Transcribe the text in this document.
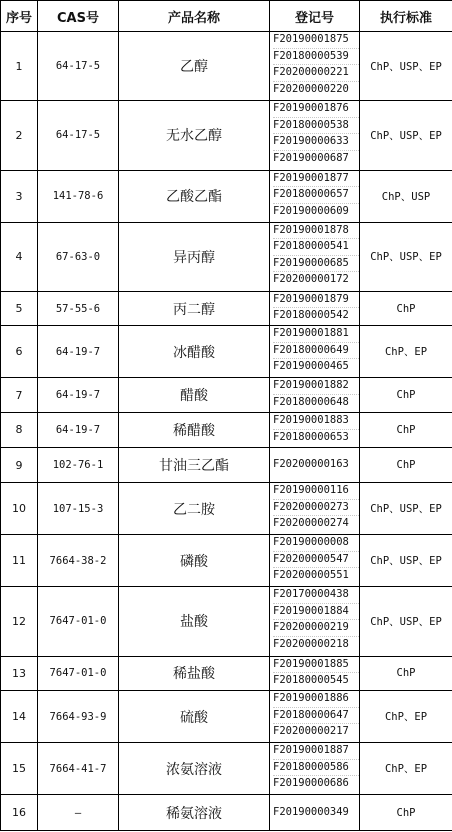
序号	CAS号	产品名称	登记号	执行标准
1	64-17-5	乙醇	F20190001875
F20180000539
F20200000221
F20200000220	ChP、USP、EP
2	64-17-5	无水乙醇	F20190001876
F20180000538
F20190000633
F20190000687	ChP、USP、EP
3	141-78-6	乙酸乙酯	F20190001877
F20180000657
F20190000609	ChP、USP
4	67-63-0	异丙醇	F20190001878
F20180000541
F20190000685
F20200000172	ChP、USP、EP
5	57-55-6	丙二醇	F20190001879
F20180000542	ChP
6	64-19-7	冰醋酸	F20190001881
F20180000649
F20190000465	ChP、EP
7	64-19-7	醋酸	F20190001882
F20180000648	ChP
8	64-19-7	稀醋酸	F20190001883
F20180000653	ChP
9	102-76-1	甘油三乙酯	F20200000163	ChP
10	107-15-3	乙二胺	F20190000116
F20200000273
F20200000274	ChP、USP、EP
11	7664-38-2	磷酸	F20190000008
F20200000547
F20200000551	ChP、USP、EP
12	7647-01-0	盐酸	F20170000438
F20190001884
F20200000219
F20200000218	ChP、USP、EP
13	7647-01-0	稀盐酸	F20190001885
F20180000545	ChP
14	7664-93-9	硫酸	F20190001886
F20180000647
F20200000217	ChP、EP
15	7664-41-7	浓氨溶液	F20190001887
F20180000586
F20190000686	ChP、EP
16	—	稀氨溶液	F20190000349	ChP
